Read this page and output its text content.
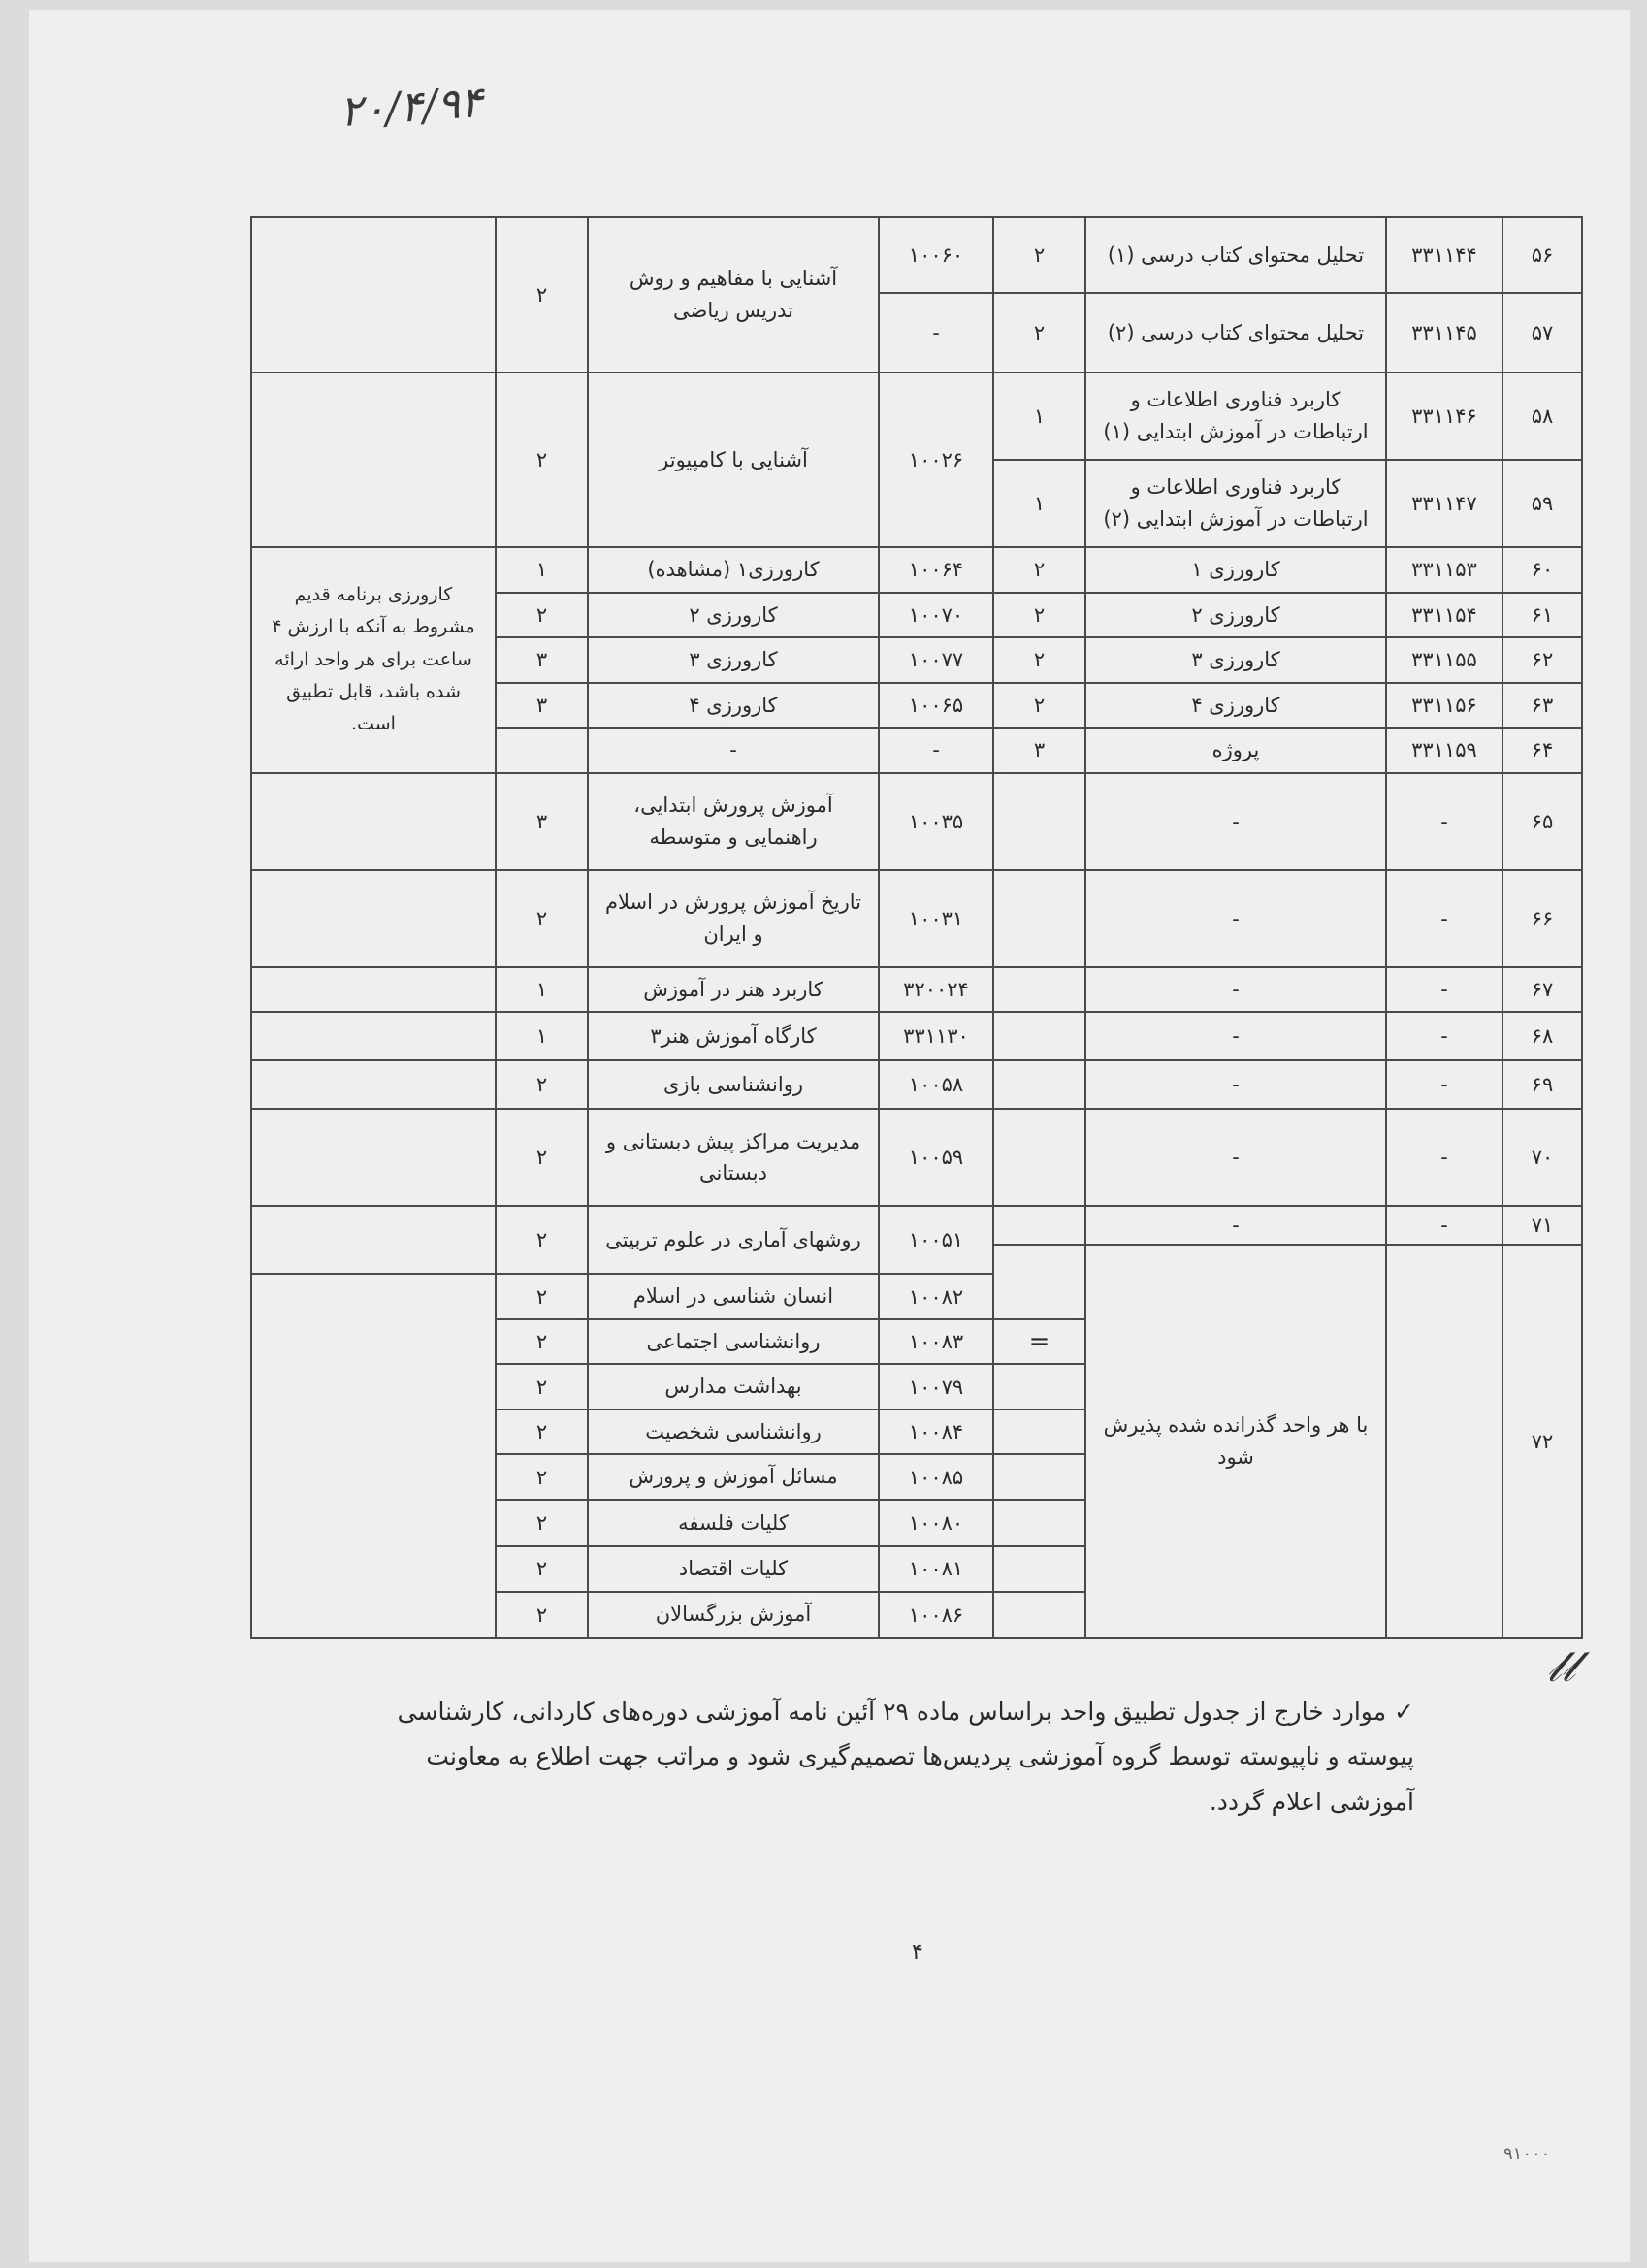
۲۰/۴/۹۴
۵۶	۳۳۱۱۴۴	تحلیل محتوای کتاب درسی (۱)	۲	۱۰۰۶۰	آشنایی با مفاهیم و روش تدریس ریاضی	۲	
۵۷	۳۳۱۱۴۵	تحلیل محتوای کتاب درسی (۲)	۲	-			
۵۸	۳۳۱۱۴۶	کاربرد فناوری اطلاعات و ارتباطات در آموزش ابتدایی (۱)	۱	۱۰۰۲۶	آشنایی با کامپیوتر	۲	
۵۹	۳۳۱۱۴۷	کاربرد فناوری اطلاعات و ارتباطات در آموزش ابتدایی (۲)	۱				
۶۰	۳۳۱۱۵۳	کارورزی ۱	۲	۱۰۰۶۴	کارورزی۱ (مشاهده)	۱	کارورزی برنامه قدیم مشروط به آنکه با ارزش ۴ ساعت برای هر واحد ارائه شده باشد، قابل تطبیق است.
۶۱	۳۳۱۱۵۴	کارورزی ۲	۲	۱۰۰۷۰	کارورزی ۲	۲	
۶۲	۳۳۱۱۵۵	کارورزی ۳	۲	۱۰۰۷۷	کارورزی ۳	۳	
۶۳	۳۳۱۱۵۶	کارورزی ۴	۲	۱۰۰۶۵	کارورزی ۴	۳	
۶۴	۳۳۱۱۵۹	پروژه	۳	-	-		
۶۵	-	-		۱۰۰۳۵	آموزش پرورش ابتدایی، راهنمایی و متوسطه	۳	
۶۶	-	-		۱۰۰۳۱	تاریخ آموزش پرورش در اسلام و ایران	۲	
۶۷	-	-		۳۲۰۰۲۴	کاربرد هنر در آموزش	۱	
۶۸	-	-		۳۳۱۱۳۰	کارگاه آموزش هنر۳	۱	
۶۹	-	-		۱۰۰۵۸	روانشناسی بازی	۲	
۷۰	-	-		۱۰۰۵۹	مدیریت مراکز پیش دبستانی و دبستانی	۲	
۷۱	-	-		۱۰۰۵۱	روشهای آماری در علوم تربیتی	۲	
۷۲		با هر واحد گذرانده شده پذیرش شود					
				۱۰۰۸۲	انسان شناسی در اسلام	۲	
			=	۱۰۰۸۳	روانشناسی اجتماعی	۲	
				۱۰۰۷۹	بهداشت مدارس	۲	
				۱۰۰۸۴	روانشناسی شخصیت	۲	
				۱۰۰۸۵	مسائل آموزش و پرورش	۲	
				۱۰۰۸۰	کلیات فلسفه	۲	
				۱۰۰۸۱	کلیات اقتصاد	۲	
				۱۰۰۸۶	آموزش بزرگسالان	۲	
𝓁𝓁
✓ موارد خارج از جدول تطبیق واحد براساس ماده ۲۹ آئین نامه آموزشی دوره‌های کاردانی، کارشناسی پیوسته و ناپیوسته توسط گروه آموزشی پردیس‌ها تصمیم‌گیری شود و مراتب جهت اطلاع به معاونت آموزشی اعلام گردد.
۴
۹۱۰۰۰
